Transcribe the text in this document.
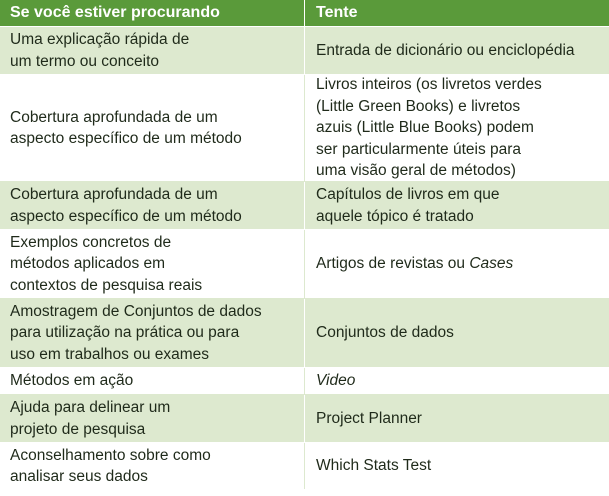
Se você estiver procurando	Tente
Uma explicação rápida de
um termo ou conceito
Entrada de dicionário ou enciclopédia
Cobertura aprofundada de um
aspecto específico de um método
Livros inteiros (os livretos verdes
(Little Green Books) e livretos
azuis (Little Blue Books) podem
ser particularmente úteis para
uma visão geral de métodos)
Cobertura aprofundada de um
aspecto específico de um método
Capítulos de livros em que
aquele tópico é tratado
Exemplos concretos de
métodos aplicados em
contextos de pesquisa reais
Artigos de revistas ou Cases
Amostragem de Conjuntos de dados
para utilização na prática ou para
uso em trabalhos ou exames
Conjuntos de dados
Métodos em ação	Video
Ajuda para delinear um
projeto de pesquisa
Project Planner
Aconselhamento sobre como
analisar seus dados
Which Stats Test
